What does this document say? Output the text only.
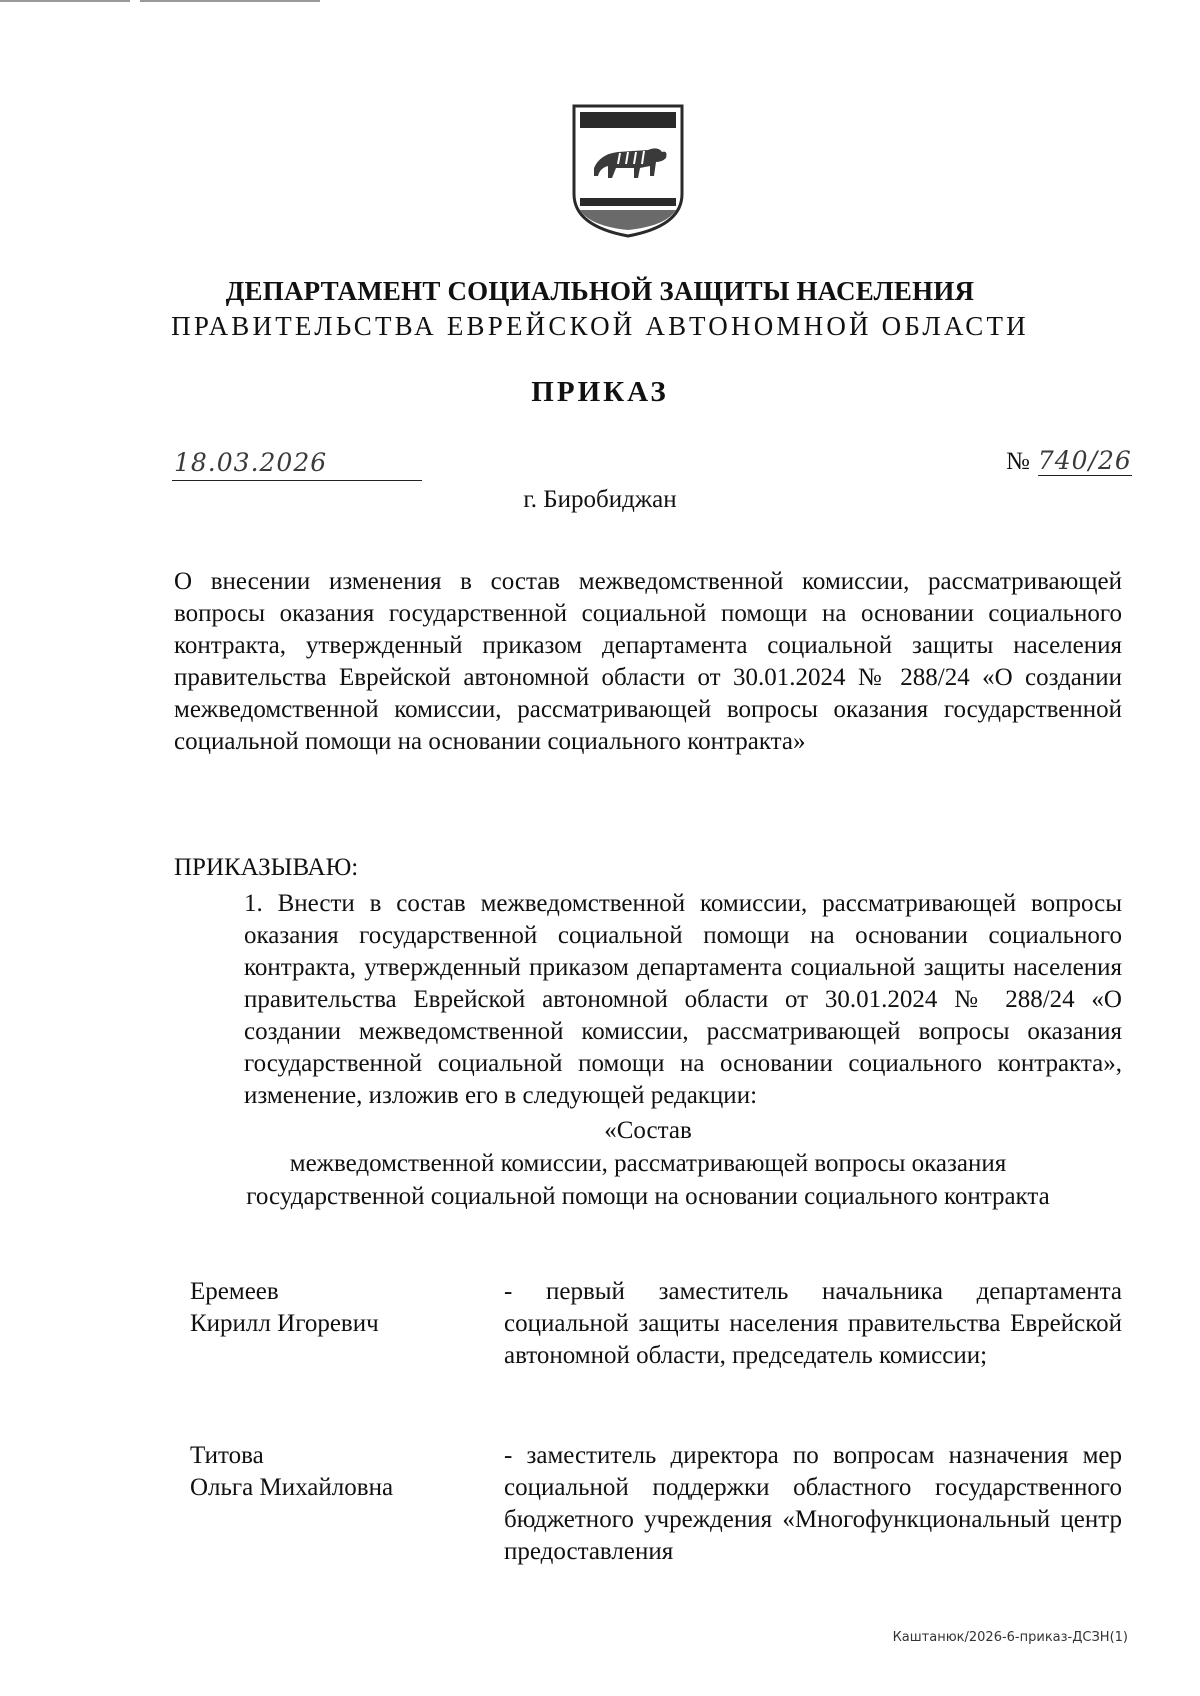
ДЕПАРТАМЕНТ СОЦИАЛЬНОЙ ЗАЩИТЫ НАСЕЛЕНИЯ
ПРАВИТЕЛЬСТВА ЕВРЕЙСКОЙ АВТОНОМНОЙ ОБЛАСТИ
ПРИКАЗ
18.03.2026	№ 740/26
г. Биробиджан
О внесении изменения в состав межведомственной комиссии, рассматривающей вопросы оказания государственной социальной помощи на основании социального контракта, утвержденный приказом департамента социальной защиты населения правительства Еврейской автономной области от 30.01.2024 № 288/24 «О создании межведомственной комиссии, рассматривающей вопросы оказания государственной социальной помощи на основании социального контракта»
ПРИКАЗЫВАЮ:
1. Внести в состав межведомственной комиссии, рассматривающей вопросы оказания государственной социальной помощи на основании социального контракта, утвержденный приказом департамента социальной защиты населения правительства Еврейской автономной области от 30.01.2024 № 288/24 «О создании межведомственной комиссии, рассматривающей вопросы оказания государственной социальной помощи на основании социального контракта», изменение, изложив его в следующей редакции:
«Состав
межведомственной комиссии, рассматривающей вопросы оказания
государственной социальной помощи на основании социального контракта
Еремеев
Кирилл Игоревич
- первый заместитель начальника департамента социальной защиты населения правительства Еврейской автономной области, председатель комиссии;
Титова
Ольга Михайловна
- заместитель директора по вопросам назначения мер социальной поддержки областного государственного бюджетного учреждения «Многофункциональный центр предоставления
Каштанюк/2026-6-приказ-ДСЗН(1)
